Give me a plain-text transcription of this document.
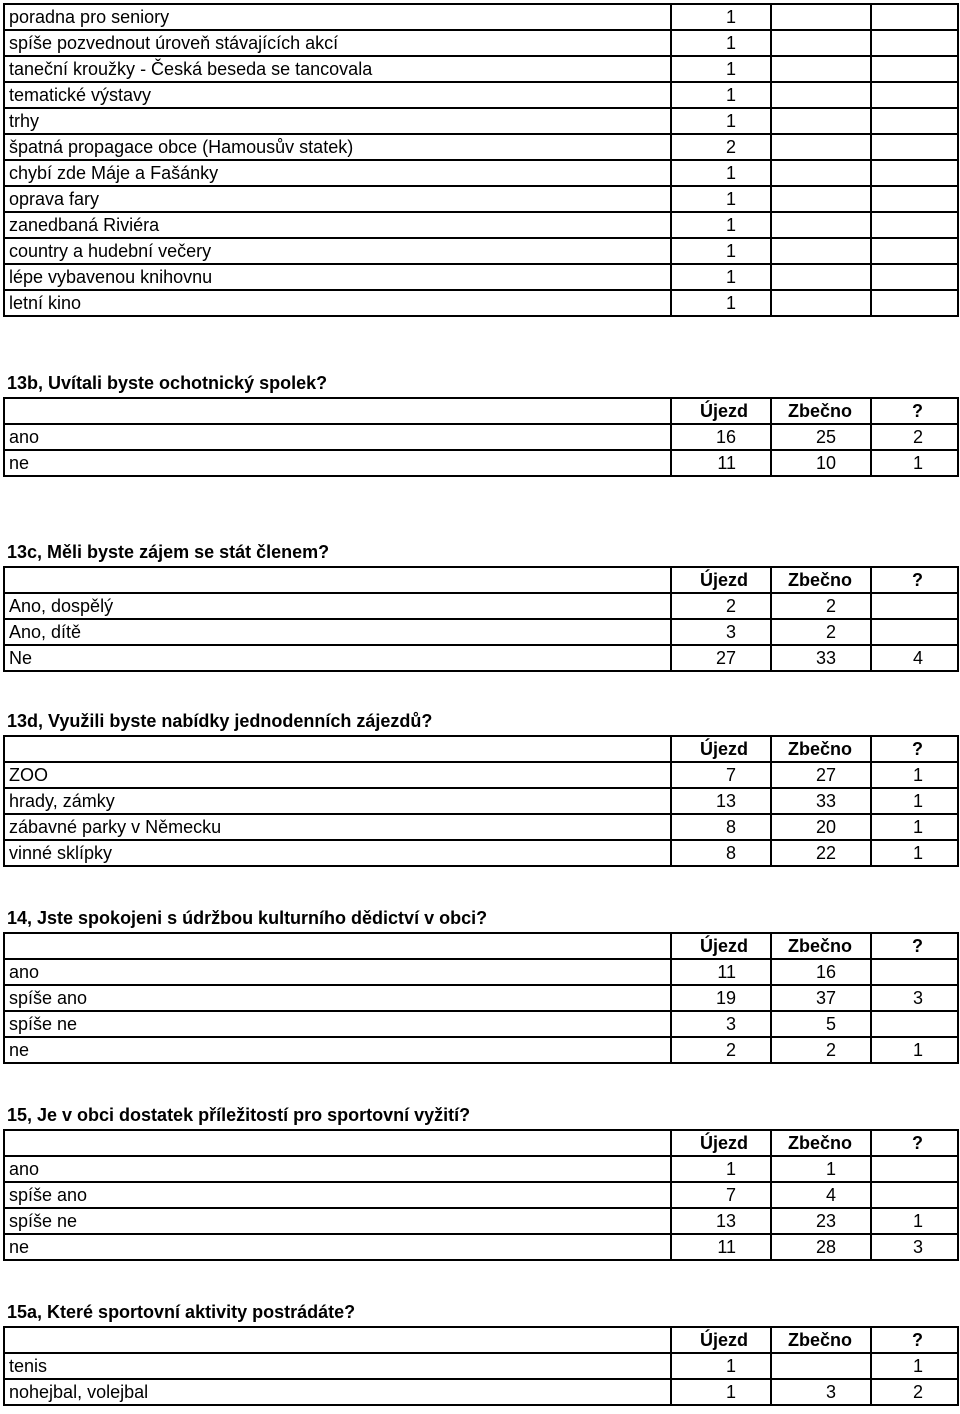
poradna pro seniory	1		
spíše pozvednout úroveň stávajících akcí	1		
taneční kroužky - Česká beseda se tancovala	1		
tematické výstavy	1		
trhy	1		
špatná propagace obce (Hamousův statek)	2		
chybí zde Máje a Fašánky	1		
oprava fary	1		
zanedbaná Riviéra	1		
country a hudební večery	1		
lépe vybavenou knihovnu	1		
letní kino	1		
13b, Uvítali byste ochotnický spolek?
	Újezd	Zbečno	?
ano	16	25	2
ne	11	10	1
13c, Měli byste zájem se stát členem?
	Újezd	Zbečno	?
Ano, dospělý	2	2	
Ano, dítě	3	2	
Ne	27	33	4
13d, Využili byste nabídky jednodenních zájezdů?
	Újezd	Zbečno	?
ZOO	7	27	1
hrady, zámky	13	33	1
zábavné parky v Německu	8	20	1
vinné sklípky	8	22	1
14, Jste spokojeni s údržbou kulturního dědictví v obci?
	Újezd	Zbečno	?
ano	11	16	
spíše ano	19	37	3
spíše ne	3	5	
ne	2	2	1
15, Je v obci dostatek příležitostí pro sportovní vyžití?
	Újezd	Zbečno	?
ano	1	1	
spíše ano	7	4	
spíše ne	13	23	1
ne	11	28	3
15a, Které sportovní aktivity postrádáte?
	Újezd	Zbečno	?
tenis	1		1
nohejbal, volejbal	1	3	2
